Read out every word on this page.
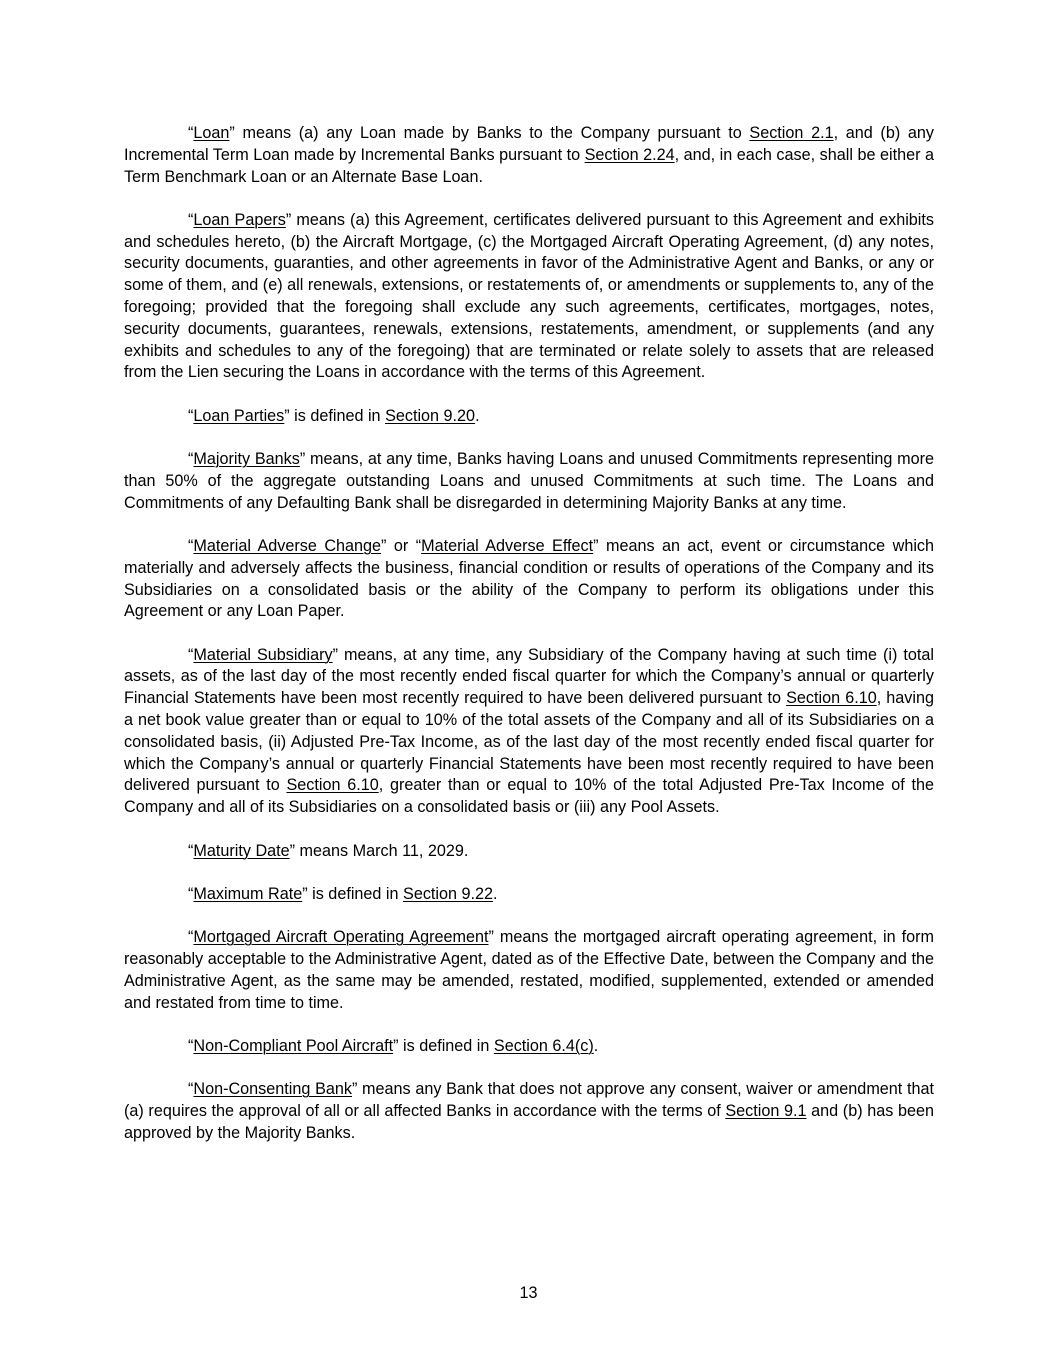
“Loan” means (a) any Loan made by Banks to the Company pursuant to Section 2.1, and (b) any Incremental Term Loan made by Incremental Banks pursuant to Section 2.24, and, in each case, shall be either a Term Benchmark Loan or an Alternate Base Loan.

“Loan Papers” means (a) this Agreement, certificates delivered pursuant to this Agreement and exhibits and schedules hereto, (b) the Aircraft Mortgage, (c) the Mortgaged Aircraft Operating Agreement, (d) any notes, security documents, guaranties, and other agreements in favor of the Administrative Agent and Banks, or any or some of them, and (e) all renewals, extensions, or restatements of, or amendments or supplements to, any of the foregoing; provided that the foregoing shall exclude any such agreements, certificates, mortgages, notes, security documents, guarantees, renewals, extensions, restatements, amendment, or supplements (and any exhibits and schedules to any of the foregoing) that are terminated or relate solely to assets that are released from the Lien securing the Loans in accordance with the terms of this Agreement.

“Loan Parties” is defined in Section 9.20.

“Majority Banks” means, at any time, Banks having Loans and unused Commitments representing more than 50% of the aggregate outstanding Loans and unused Commitments at such time. The Loans and Commitments of any Defaulting Bank shall be disregarded in determining Majority Banks at any time.

“Material Adverse Change” or “Material Adverse Effect” means an act, event or circumstance which materially and adversely affects the business, financial condition or results of operations of the Company and its Subsidiaries on a consolidated basis or the ability of the Company to perform its obligations under this Agreement or any Loan Paper.

“Material Subsidiary” means, at any time, any Subsidiary of the Company having at such time (i) total assets, as of the last day of the most recently ended fiscal quarter for which the Company’s annual or quarterly Financial Statements have been most recently required to have been delivered pursuant to Section 6.10, having a net book value greater than or equal to 10% of the total assets of the Company and all of its Subsidiaries on a consolidated basis, (ii) Adjusted Pre-Tax Income, as of the last day of the most recently ended fiscal quarter for which the Company’s annual or quarterly Financial Statements have been most recently required to have been delivered pursuant to Section 6.10, greater than or equal to 10% of the total Adjusted Pre-Tax Income of the Company and all of its Subsidiaries on a consolidated basis or (iii) any Pool Assets.

“Maturity Date” means March 11, 2029.

“Maximum Rate” is defined in Section 9.22.

“Mortgaged Aircraft Operating Agreement” means the mortgaged aircraft operating agreement, in form reasonably acceptable to the Administrative Agent, dated as of the Effective Date, between the Company and the Administrative Agent, as the same may be amended, restated, modified, supplemented, extended or amended and restated from time to time.

“Non-Compliant Pool Aircraft” is defined in Section 6.4(c).

“Non-Consenting Bank” means any Bank that does not approve any consent, waiver or amendment that (a) requires the approval of all or all affected Banks in accordance with the terms of Section 9.1 and (b) has been approved by the Majority Banks.

13
